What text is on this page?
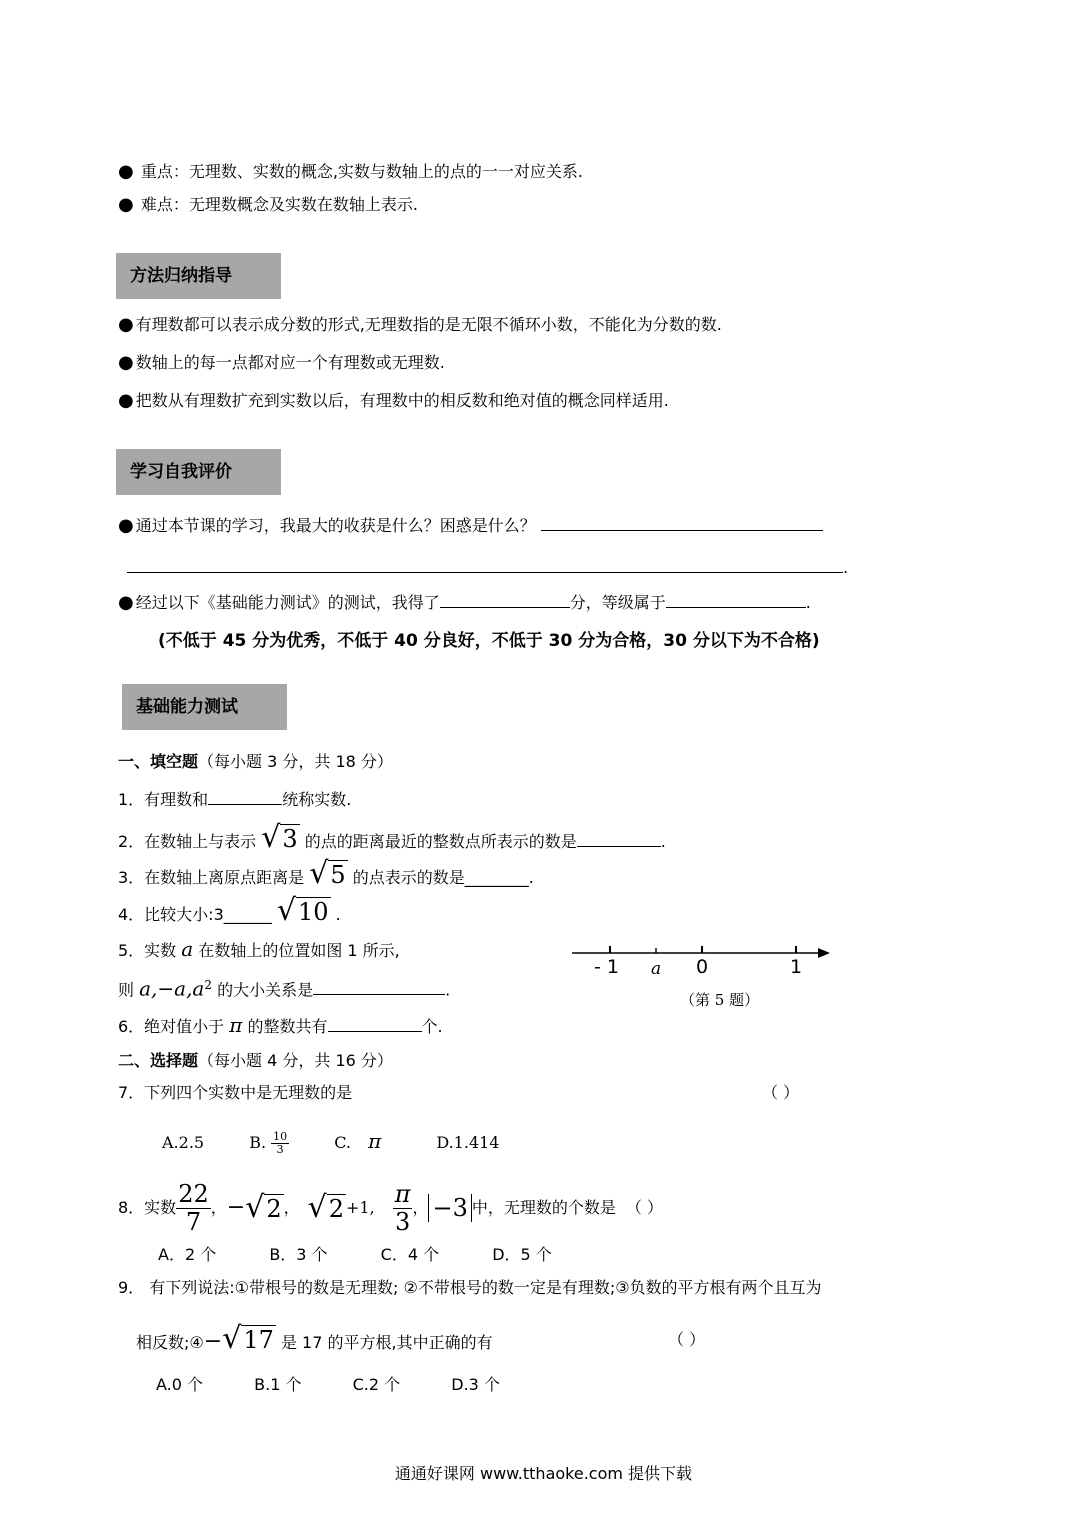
● 重点：无理数、实数的概念,实数与数轴上的点的一一对应关系.
● 难点：无理数概念及实数在数轴上表示.
方法归纳指导
● 有理数都可以表示成分数的形式,无理数指的是无限不循环小数，不能化为分数的数.
● 数轴上的每一点都对应一个有理数或无理数.
● 把数从有理数扩充到实数以后，有理数中的相反数和绝对值的概念同样适用.
学习自我评价
● 通过本节课的学习，我最大的收获是什么？困惑是什么？
.
● 经过以下《基础能力测试》的测试，我得了	分，等级属于	.
(不低于 45 分为优秀，不低于 40 分良好，不低于 30 分为合格，30 分以下为不合格)
基础能力测试
一、填空题（每小题 3 分，共 18 分）
1．有理数和	统称实数.
2．在数轴上与表示 √3 的点的距离最近的整数点所表示的数是	.
3．在数轴上离原点距离是 √5 的点表示的数是________.
4．比较大小:3______ √10 .
5．实数 a 在数轴上的位置如图 1 所示,
则 $a,-a,a^2$ 的大小关系是	.
6．绝对值小于 π 的整数共有	个.
- 1 a 0	1
（第 5 题）
二、选择题（每小题 4 分，共 16 分）
7．下列四个实数中是无理数的是	（ ）
A.2.5	B. $\frac{10}{3}$	C. π	D.1.414
8．实数 $\frac{22}{7}$ ， − √2 ， √2 +1, $\frac{\pi}{3}$ ， −3 中，无理数的个数是 （ ）
A．2 个	B．3 个	C．4 个	D．5 个
9． 有下列说法:①带根号的数是无理数; ②不带根号的数一定是有理数;③负数的平方根有两个且互为
相反数;④−√17 是 17 的平方根,其中正确的有	（ ）
A.0 个	B.1 个	C.2 个	D.3 个
通通好课网 www.tthaoke.com 提供下载
